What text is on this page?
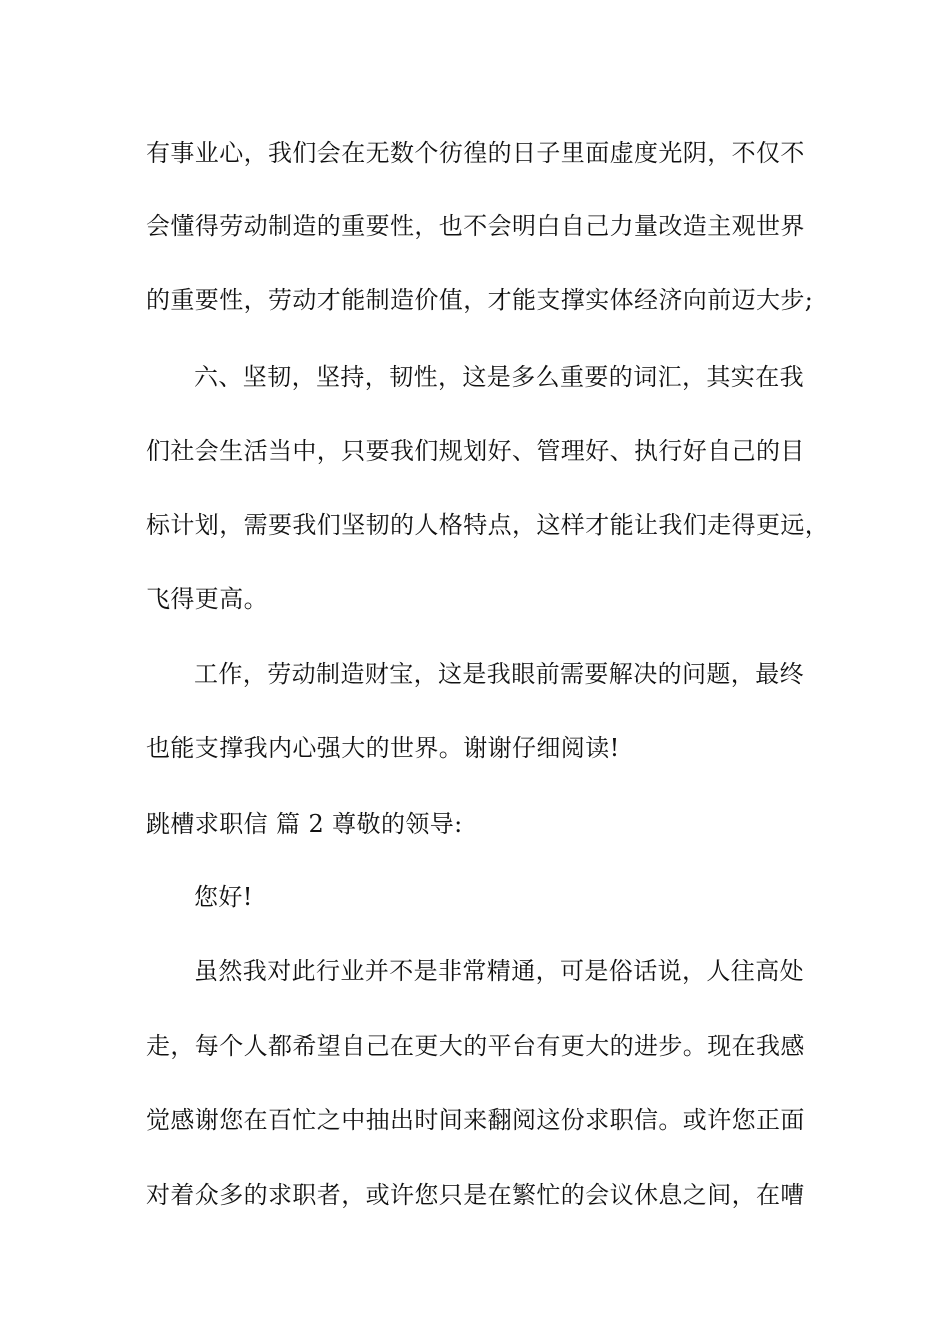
有事业心，我们会在无数个彷徨的日子里面虚度光阴，不仅不
会懂得劳动制造的重要性，也不会明白自己力量改造主观世界
的重要性，劳动才能制造价值，才能支撑实体经济向前迈大步;
六、坚韧，坚持，韧性，这是多么重要的词汇，其实在我
们社会生活当中，只要我们规划好、管理好、执行好自己的目
标计划，需要我们坚韧的人格特点，这样才能让我们走得更远，
飞得更高。
工作，劳动制造财宝，这是我眼前需要解决的问题，最终
也能支撑我内心强大的世界。谢谢仔细阅读!
跳槽求职信 篇 2 尊敬的领导:
您好!
虽然我对此行业并不是非常精通，可是俗话说，人往高处
走，每个人都希望自己在更大的平台有更大的进步。现在我感
觉感谢您在百忙之中抽出时间来翻阅这份求职信。或许您正面
对着众多的求职者，或许您只是在繁忙的会议休息之间，在嘈
